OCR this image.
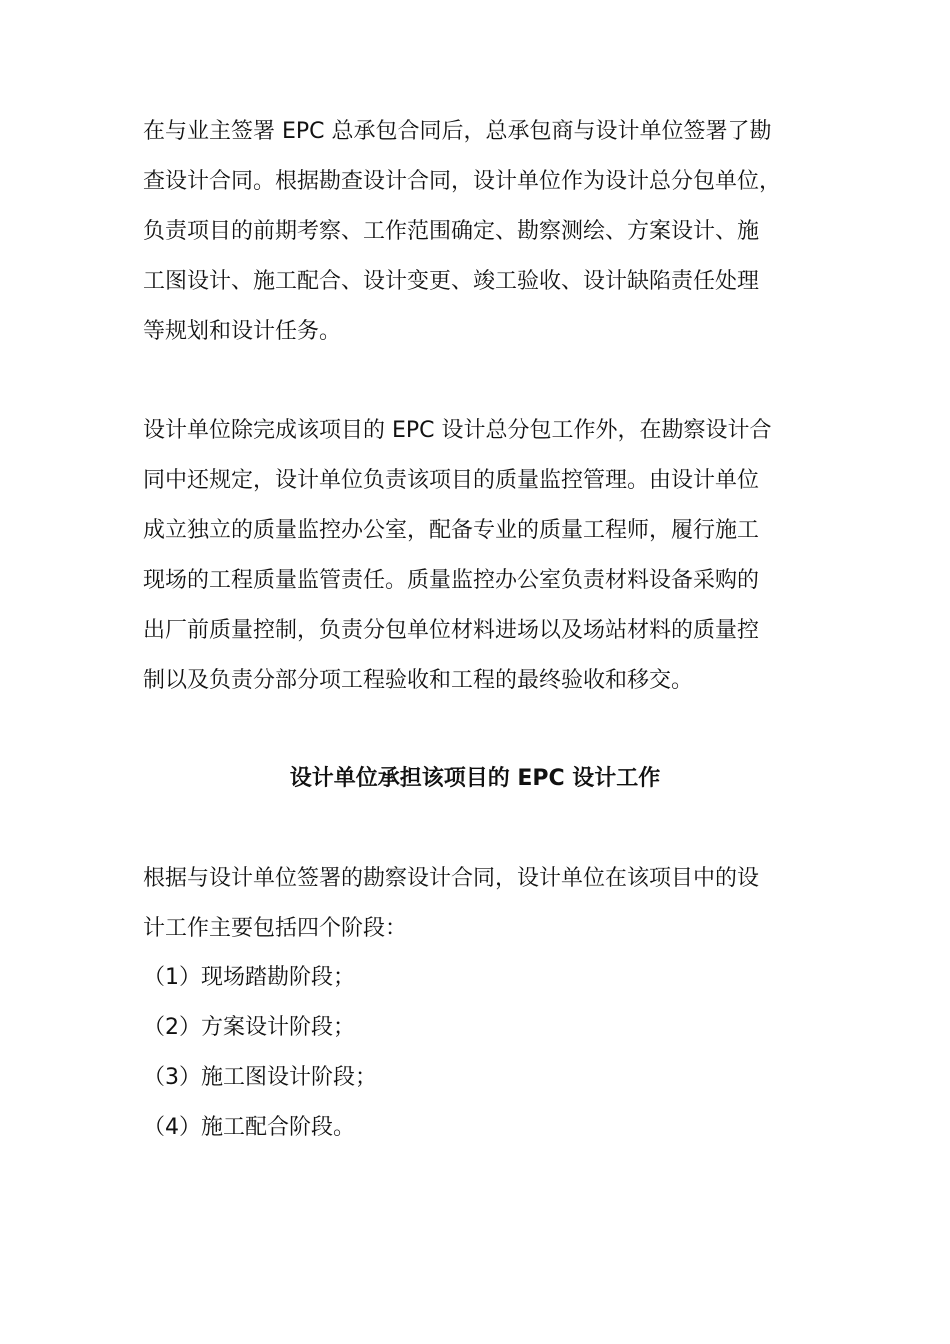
在与业主签署 EPC 总承包合同后，总承包商与设计单位签署了勘
查设计合同。根据勘查设计合同，设计单位作为设计总分包单位，
负责项目的前期考察、工作范围确定、勘察测绘、方案设计、施
工图设计、施工配合、设计变更、竣工验收、设计缺陷责任处理
等规划和设计任务。
设计单位除完成该项目的 EPC 设计总分包工作外，在勘察设计合
同中还规定，设计单位负责该项目的质量监控管理。由设计单位
成立独立的质量监控办公室，配备专业的质量工程师，履行施工
现场的工程质量监管责任。质量监控办公室负责材料设备采购的
出厂前质量控制，负责分包单位材料进场以及场站材料的质量控
制以及负责分部分项工程验收和工程的最终验收和移交。
设计单位承担该项目的 EPC 设计工作
根据与设计单位签署的勘察设计合同，设计单位在该项目中的设
计工作主要包括四个阶段：
（1）现场踏勘阶段；
（2）方案设计阶段；
（3）施工图设计阶段；
（4）施工配合阶段。
